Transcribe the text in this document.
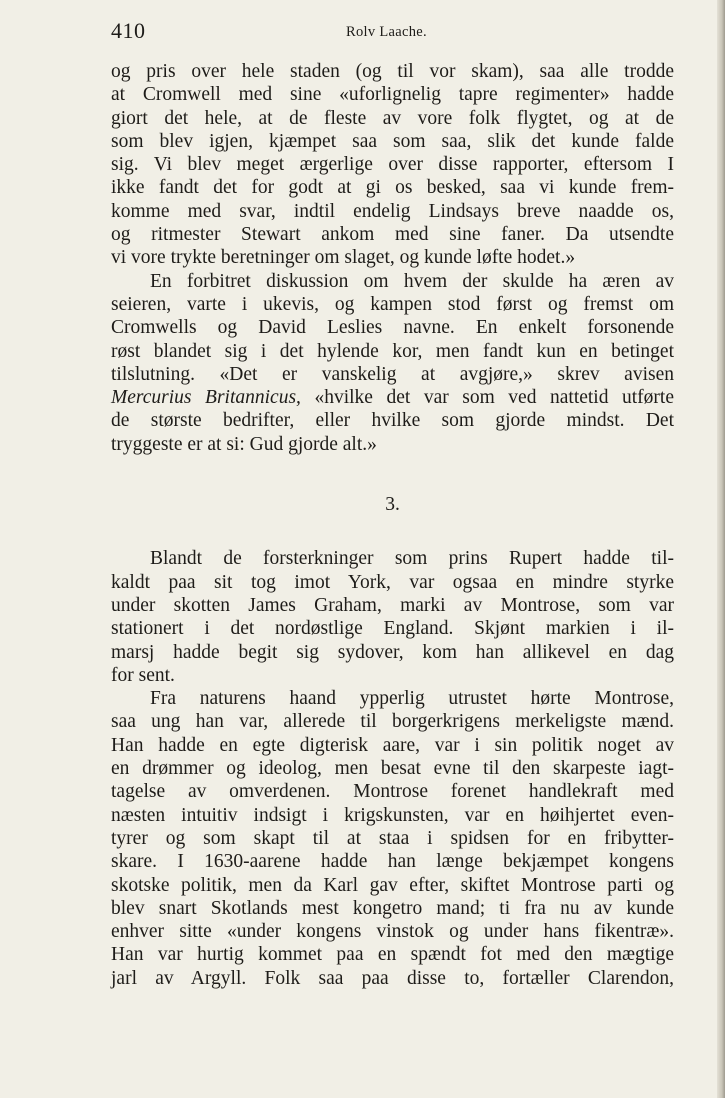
410	Rolv Laache.
og pris over hele staden (og til vor skam), saa alle trodde
at Cromwell med sine «uforlignelig tapre regimenter» hadde
giort det hele, at de fleste av vore folk flygtet, og at de
som blev igjen, kjæmpet saa som saa, slik det kunde falde
sig. Vi blev meget ærgerlige over disse rapporter, eftersom I
ikke fandt det for godt at gi os besked, saa vi kunde frem-
komme med svar, indtil endelig Lindsays breve naadde os,
og ritmester Stewart ankom med sine faner. Da utsendte
vi vore trykte beretninger om slaget, og kunde løfte hodet.»
En forbitret diskussion om hvem der skulde ha æren av
seieren, varte i ukevis, og kampen stod først og fremst om
Cromwells og David Leslies navne. En enkelt forsonende
røst blandet sig i det hylende kor, men fandt kun en betinget
tilslutning. «Det er vanskelig at avgjøre,» skrev avisen
Mercurius Britannicus, «hvilke det var som ved nattetid utførte
de største bedrifter, eller hvilke som gjorde mindst. Det
tryggeste er at si: Gud gjorde alt.»
3.
Blandt de forsterkninger som prins Rupert hadde til-
kaldt paa sit tog imot York, var ogsaa en mindre styrke
under skotten James Graham, marki av Montrose, som var
stationert i det nordøstlige England. Skjønt markien i il-
marsj hadde begit sig sydover, kom han allikevel en dag
for sent.
Fra naturens haand ypperlig utrustet hørte Montrose,
saa ung han var, allerede til borgerkrigens merkeligste mænd.
Han hadde en egte digterisk aare, var i sin politik noget av
en drømmer og ideolog, men besat evne til den skarpeste iagt-
tagelse av omverdenen. Montrose forenet handlekraft med
næsten intuitiv indsigt i krigskunsten, var en høihjertet even-
tyrer og som skapt til at staa i spidsen for en fribytter-
skare. I 1630-aarene hadde han længe bekjæmpet kongens
skotske politik, men da Karl gav efter, skiftet Montrose parti og
blev snart Skotlands mest kongetro mand; ti fra nu av kunde
enhver sitte «under kongens vinstok og under hans fikentræ».
Han var hurtig kommet paa en spændt fot med den mægtige
jarl av Argyll. Folk saa paa disse to, fortæller Clarendon,
